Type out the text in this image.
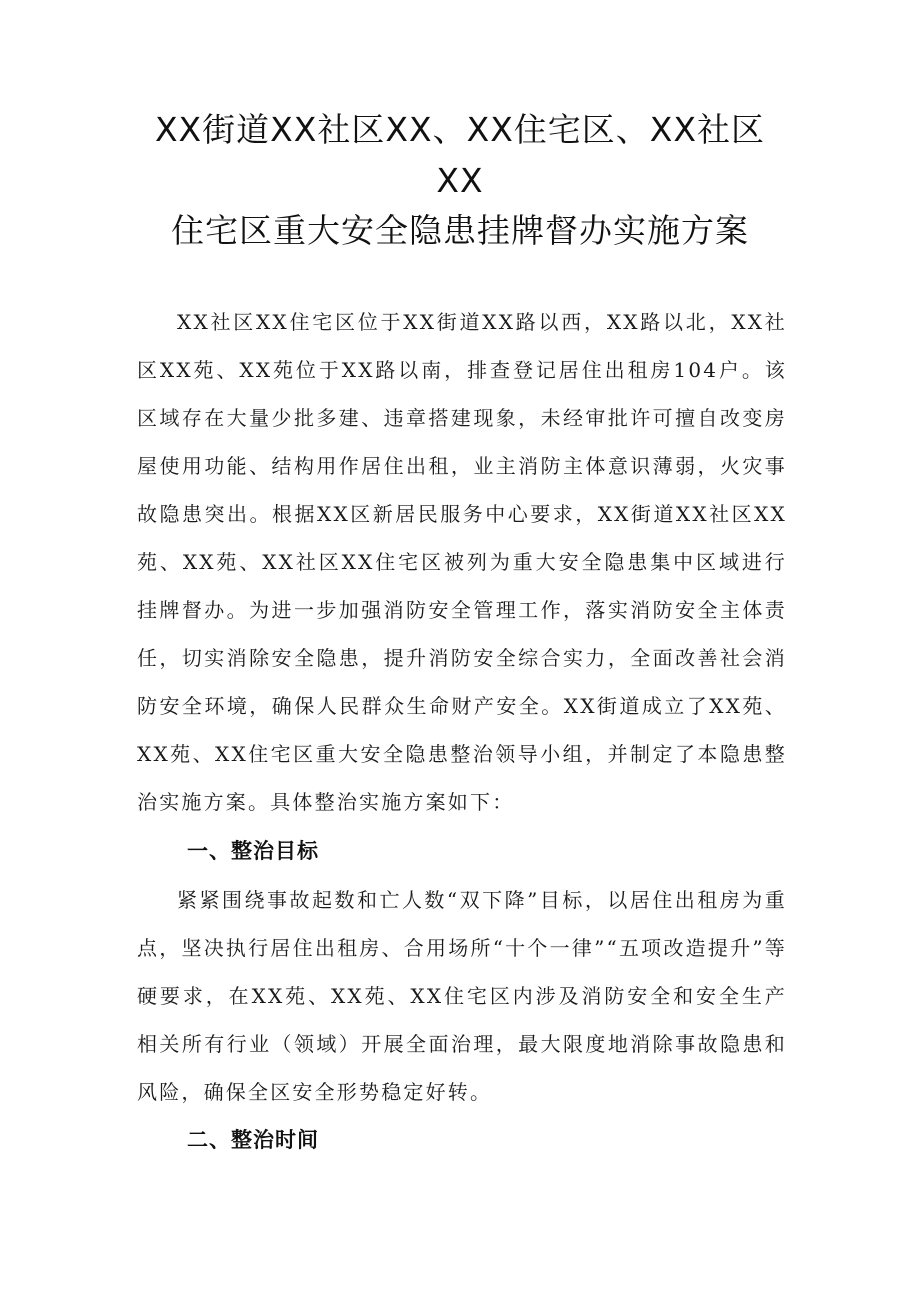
XX街道XX社区XX、XX住宅区、XX社区
XX
住宅区重大安全隐患挂牌督办实施方案

XX社区XX住宅区位于XX街道XX路以西，XX路以北，XX社区XX苑、XX苑位于XX路以南，排查登记居住出租房104户。该区域存在大量少批多建、违章搭建现象，未经审批许可擅自改变房屋使用功能、结构用作居住出租，业主消防主体意识薄弱，火灾事故隐患突出。根据XX区新居民服务中心要求，XX街道XX社区XX苑、XX苑、XX社区XX住宅区被列为重大安全隐患集中区域进行挂牌督办。为进一步加强消防安全管理工作，落实消防安全主体责任，切实消除安全隐患，提升消防安全综合实力，全面改善社会消防安全环境，确保人民群众生命财产安全。XX街道成立了XX苑、XX苑、XX住宅区重大安全隐患整治领导小组，并制定了本隐患整治实施方案。具体整治实施方案如下：

一、整治目标

紧紧围绕事故起数和亡人数“双下降”目标，以居住出租房为重点，坚决执行居住出租房、合用场所“十个一律”“五项改造提升”等硬要求，在XX苑、XX苑、XX住宅区内涉及消防安全和安全生产相关所有行业（领域）开展全面治理，最大限度地消除事故隐患和风险，确保全区安全形势稳定好转。

二、整治时间
